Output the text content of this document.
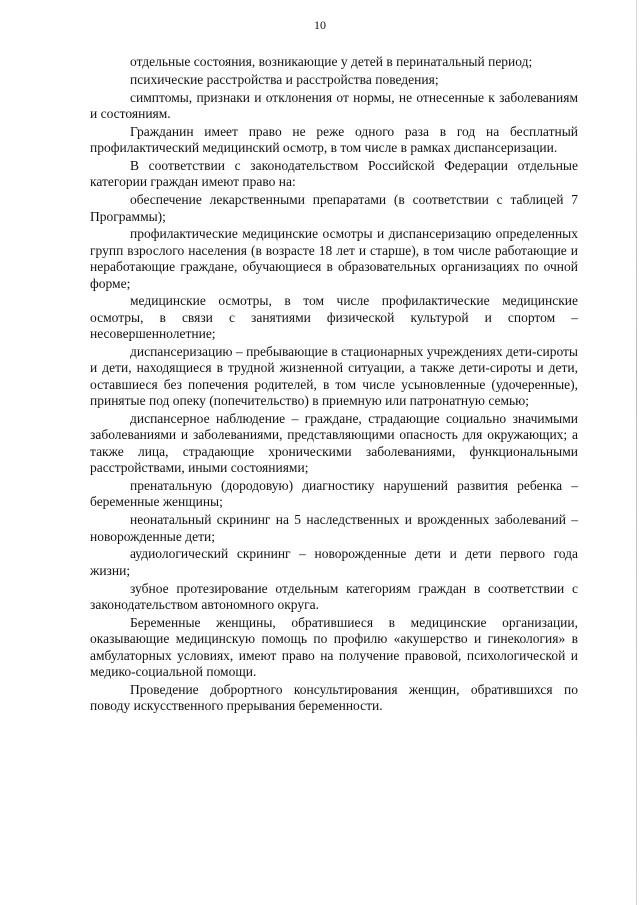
10

отдельные состояния, возникающие у детей в перинатальный период;

психические расстройства и расстройства поведения;

симптомы, признаки и отклонения от нормы, не отнесенные к заболеваниям и состояниям.

Гражданин имеет право не реже одного раза в год на бесплатный профилактический медицинский осмотр, в том числе в рамках диспансеризации.

В соответствии с законодательством Российской Федерации отдельные категории граждан имеют право на:

обеспечение лекарственными препаратами (в соответствии с таблицей 7 Программы);

профилактические медицинские осмотры и диспансеризацию определенных групп взрослого населения (в возрасте 18 лет и старше), в том числе работающие и неработающие граждане, обучающиеся в образовательных организациях по очной форме;

медицинские осмотры, в том числе профилактические медицинские осмотры, в связи с занятиями физической культурой и спортом – несовершеннолетние;

диспансеризацию – пребывающие в стационарных учреждениях дети-сироты и дети, находящиеся в трудной жизненной ситуации, а также дети-сироты и дети, оставшиеся без попечения родителей, в том числе усыновленные (удочеренные), принятые под опеку (попечительство) в приемную или патронатную семью;

диспансерное наблюдение – граждане, страдающие социально значимыми заболеваниями и заболеваниями, представляющими опасность для окружающих; а также лица, страдающие хроническими заболеваниями, функциональными расстройствами, иными состояниями;

пренатальную (дородовую) диагностику нарушений развития ребенка – беременные женщины;

неонатальный скрининг на 5 наследственных и врожденных заболеваний – новорожденные дети;

аудиологический скрининг – новорожденные дети и дети первого года жизни;

зубное протезирование отдельным категориям граждан в соответствии с законодательством автономного округа.

Беременные женщины, обратившиеся в медицинские организации, оказывающие медицинскую помощь по профилю «акушерство и гинекология» в амбулаторных условиях, имеют право на получение правовой, психологической и медико-социальной помощи.

Проведение доброртного консультирования женщин, обратившихся по поводу искусственного прерывания беременности.
